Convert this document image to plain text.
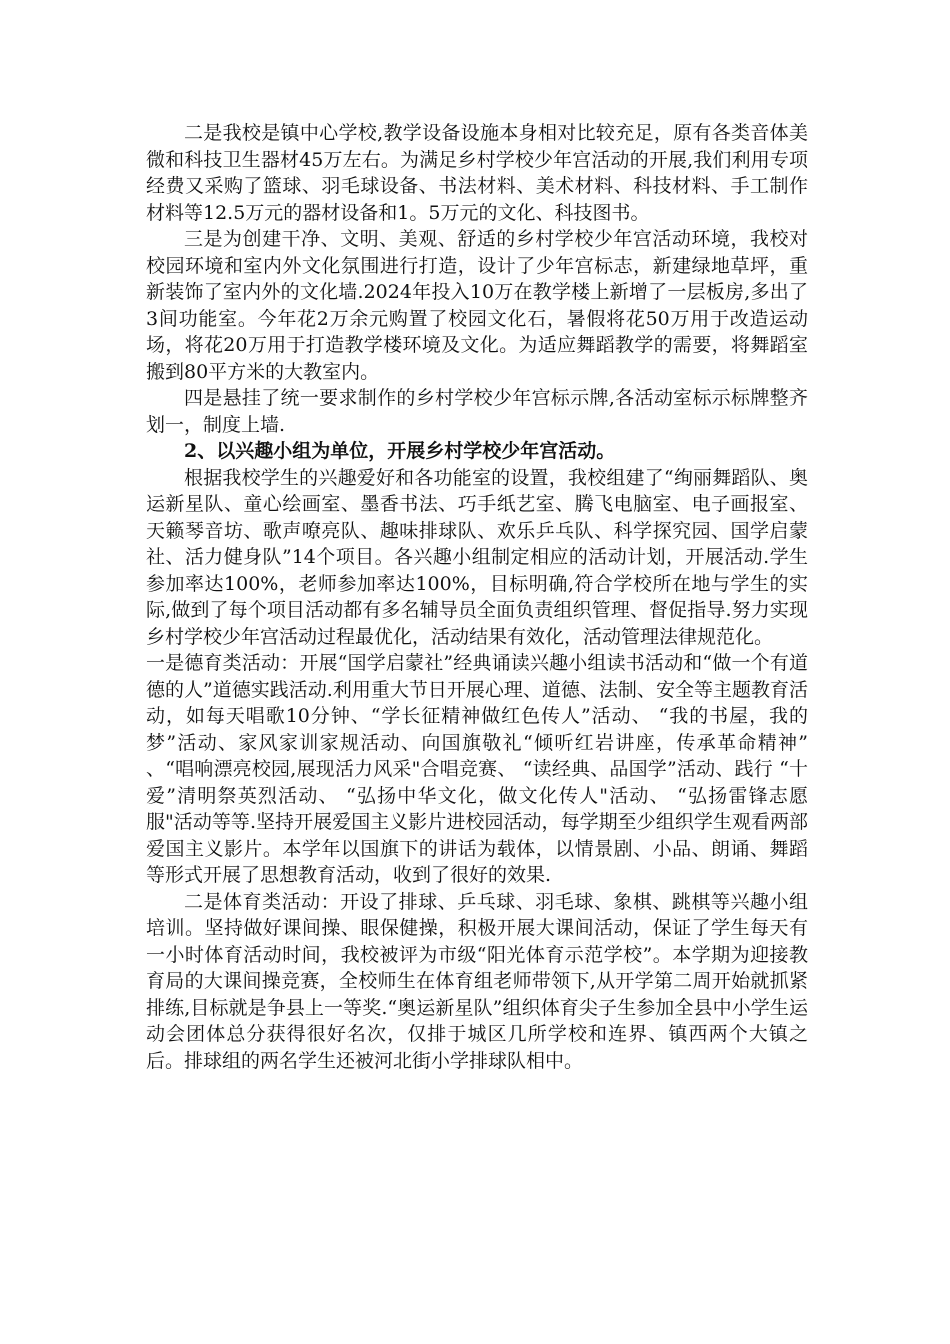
二是我校是镇中心学校,教学设备设施本身相对比较充足，原有各类音体美微和科技卫生器材45万左右。为满足乡村学校少年宫活动的开展,我们利用专项经费又采购了篮球、羽毛球设备、书法材料、美术材料、科技材料、手工制作材料等12.5万元的器材设备和1。5万元的文化、科技图书。

三是为创建干净、文明、美观、舒适的乡村学校少年宫活动环境，我校对校园环境和室内外文化氛围进行打造，设计了少年宫标志，新建绿地草坪，重新装饰了室内外的文化墙.2024年投入10万在教学楼上新增了一层板房,多出了3间功能室。今年花2万余元购置了校园文化石，暑假将花50万用于改造运动场，将花20万用于打造教学楼环境及文化。为适应舞蹈教学的需要，将舞蹈室搬到80平方米的大教室内。

四是悬挂了统一要求制作的乡村学校少年宫标示牌,各活动室标示标牌整齐划一，制度上墙.

2、以兴趣小组为单位，开展乡村学校少年宫活动。

根据我校学生的兴趣爱好和各功能室的设置，我校组建了“绚丽舞蹈队、奥运新星队、童心绘画室、墨香书法、巧手纸艺室、腾飞电脑室、电子画报室、天籁琴音坊、歌声嘹亮队、趣味排球队、欢乐乒乓队、科学探究园、国学启蒙社、活力健身队”14个项目。各兴趣小组制定相应的活动计划，开展活动.学生参加率达100%，老师参加率达100%，目标明确,符合学校所在地与学生的实际,做到了每个项目活动都有多名辅导员全面负责组织管理、督促指导.努力实现乡村学校少年宫活动过程最优化，活动结果有效化，活动管理法律规范化。

一是德育类活动：开展“国学启蒙社”经典诵读兴趣小组读书活动和“做一个有道德的人”道德实践活动.利用重大节日开展心理、道德、法制、安全等主题教育活动，如每天唱歌10分钟、“学长征精神做红色传人”活动、 “我的书屋，我的梦”活动、家风家训家规活动、向国旗敬礼“倾听红岩讲座，传承革命精神” 、“唱响漂亮校园,展现活力风采"合唱竞赛、 “读经典、品国学”活动、践行 “十爱”清明祭英烈活动、 “弘扬中华文化，做文化传人"活动、 “弘扬雷锋志愿服"活动等等.坚持开展爱国主义影片进校园活动，每学期至少组织学生观看两部爱国主义影片。本学年以国旗下的讲话为载体，以情景剧、小品、朗诵、舞蹈等形式开展了思想教育活动，收到了很好的效果.

二是体育类活动：开设了排球、乒乓球、羽毛球、象棋、跳棋等兴趣小组培训。坚持做好课间操、眼保健操，积极开展大课间活动，保证了学生每天有一小时体育活动时间，我校被评为市级“阳光体育示范学校”。本学期为迎接教育局的大课间操竞赛，全校师生在体育组老师带领下,从开学第二周开始就抓紧排练,目标就是争县上一等奖.“奥运新星队”组织体育尖子生参加全县中小学生运动会团体总分获得很好名次，仅排于城区几所学校和连界、镇西两个大镇之后。排球组的两名学生还被河北街小学排球队相中。
